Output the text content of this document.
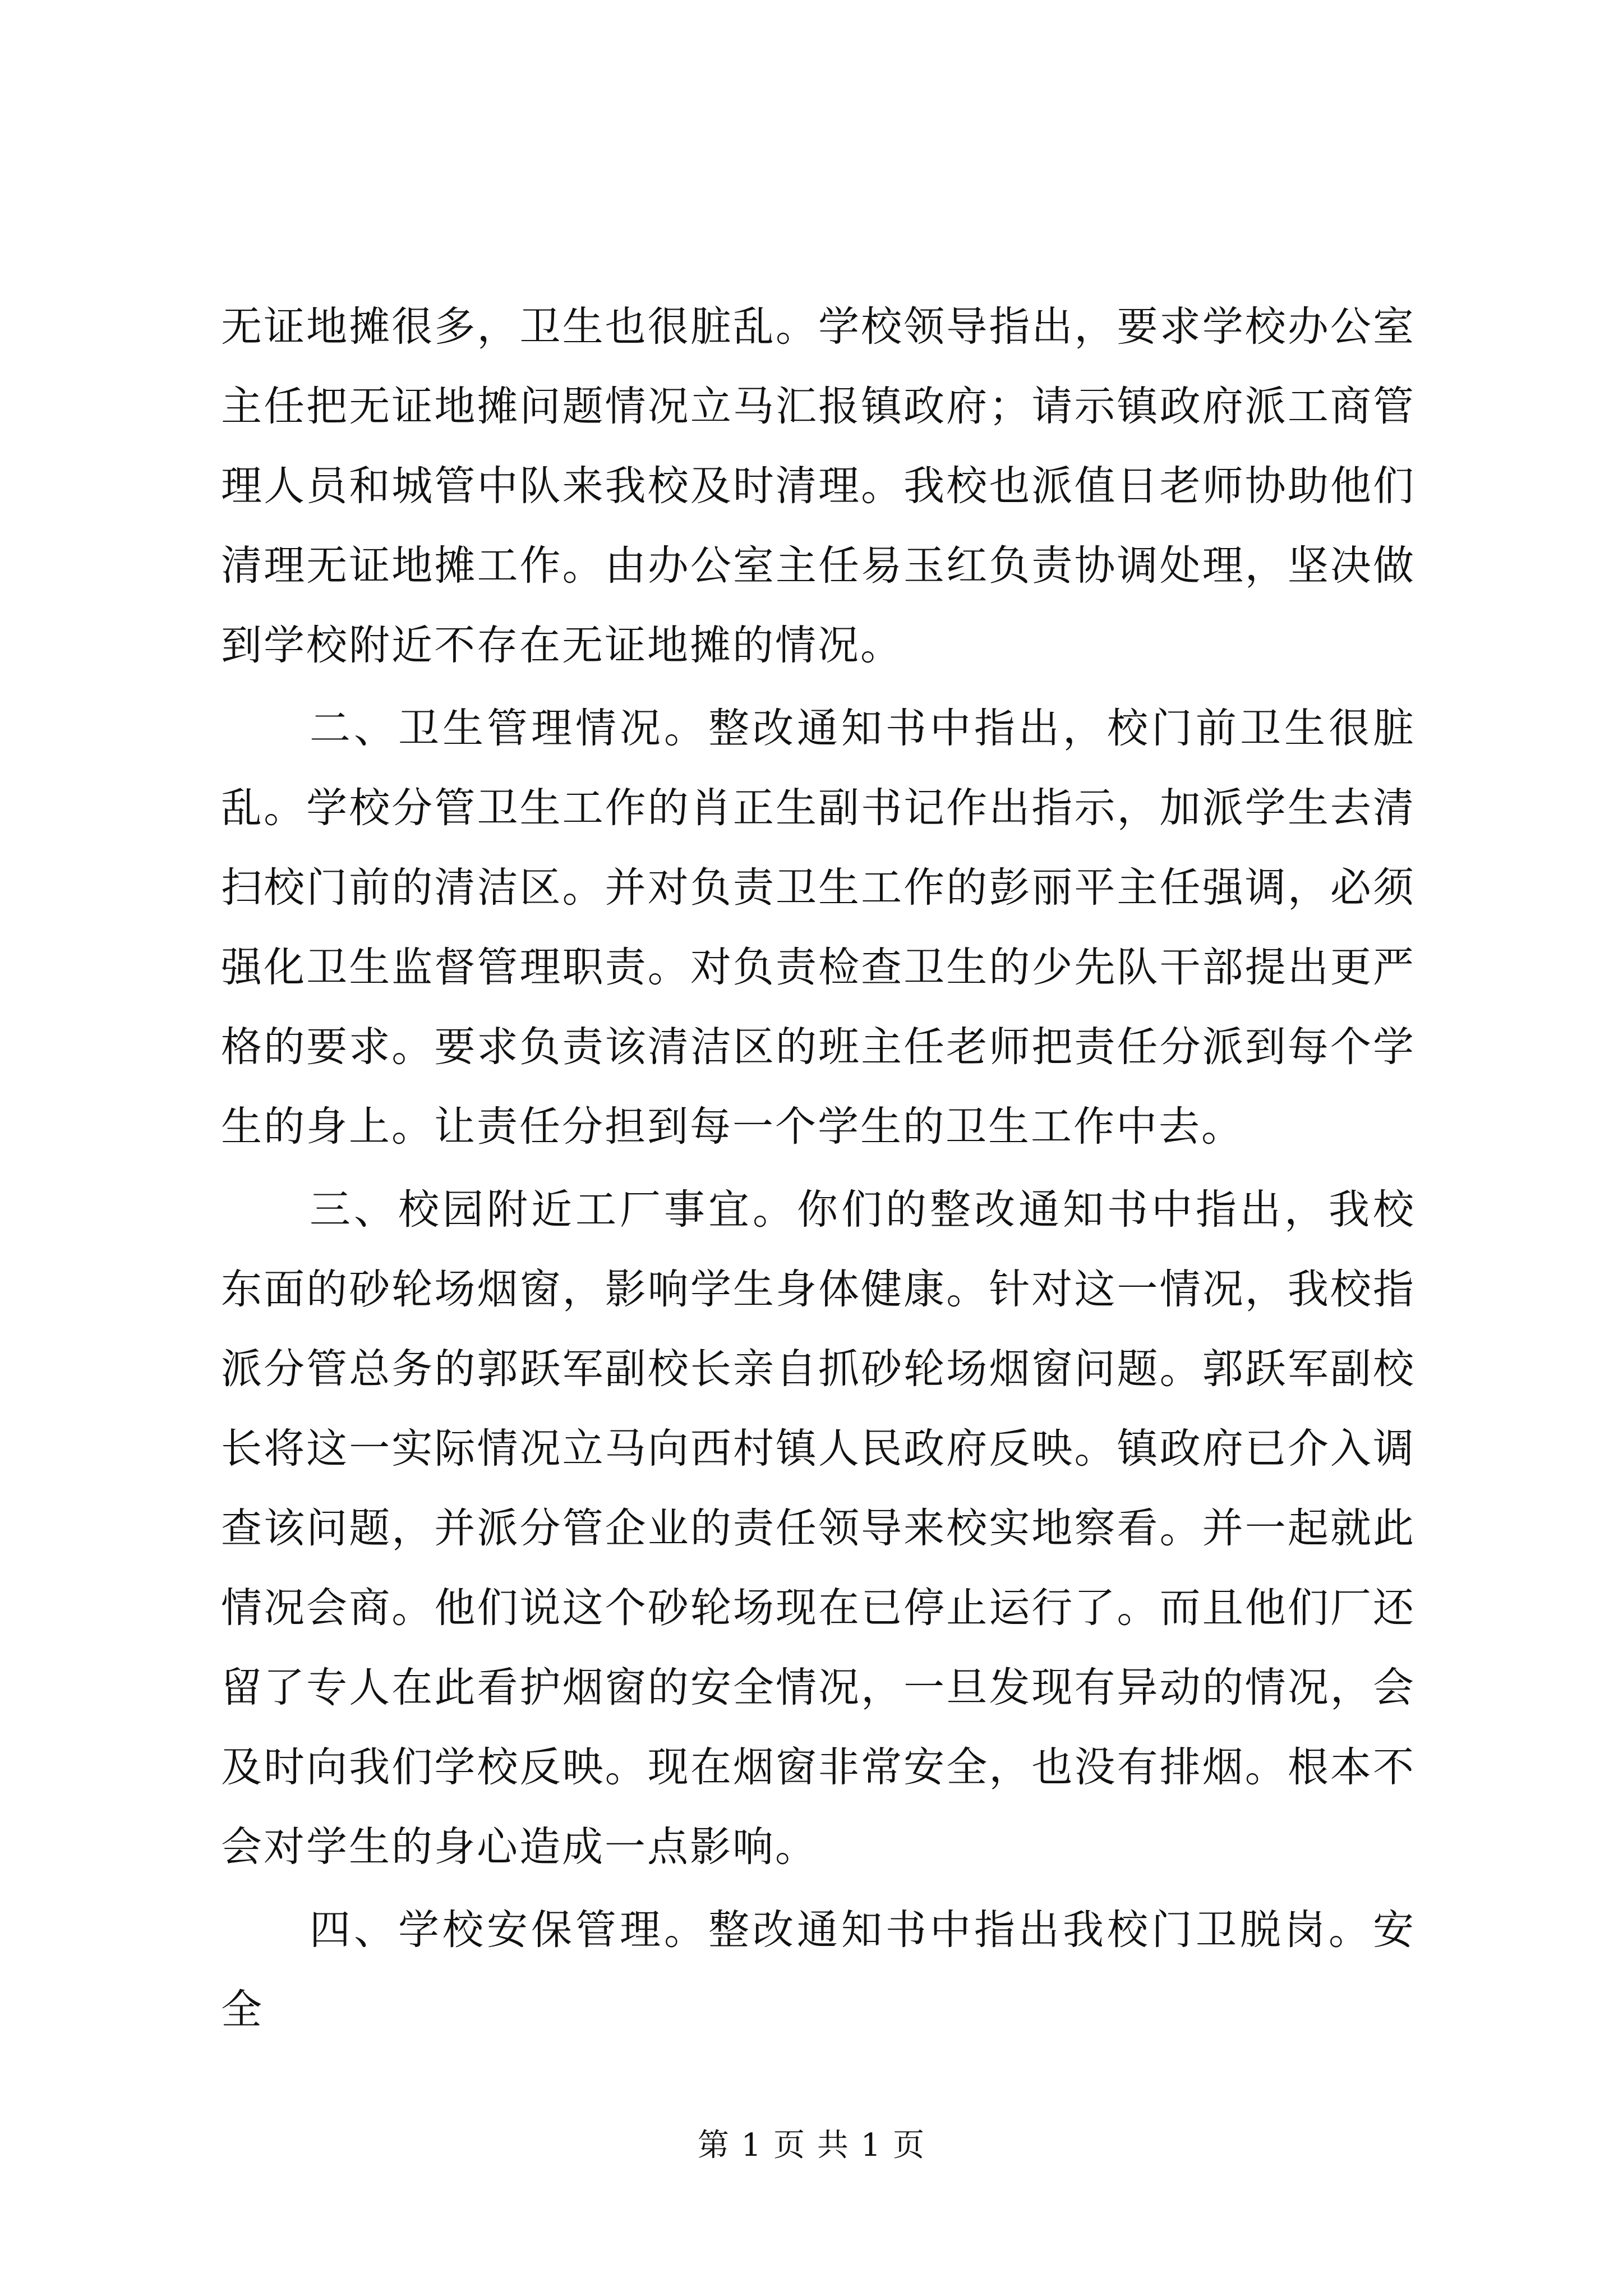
无证地摊很多，卫生也很脏乱。学校领导指出，要求学校办公室主任把无证地摊问题情况立马汇报镇政府；请示镇政府派工商管理人员和城管中队来我校及时清理。我校也派值日老师协助他们清理无证地摊工作。由办公室主任易玉红负责协调处理，坚决做到学校附近不存在无证地摊的情况。

二、卫生管理情况。整改通知书中指出，校门前卫生很脏乱。学校分管卫生工作的肖正生副书记作出指示，加派学生去清扫校门前的清洁区。并对负责卫生工作的彭丽平主任强调，必须强化卫生监督管理职责。对负责检查卫生的少先队干部提出更严格的要求。要求负责该清洁区的班主任老师把责任分派到每个学生的身上。让责任分担到每一个学生的卫生工作中去。

三、校园附近工厂事宜。你们的整改通知书中指出，我校东面的砂轮场烟窗，影响学生身体健康。针对这一情况，我校指派分管总务的郭跃军副校长亲自抓砂轮场烟窗问题。郭跃军副校长将这一实际情况立马向西村镇人民政府反映。镇政府已介入调查该问题，并派分管企业的责任领导来校实地察看。并一起就此情况会商。他们说这个砂轮场现在已停止运行了。而且他们厂还留了专人在此看护烟窗的安全情况，一旦发现有异动的情况，会及时向我们学校反映。现在烟窗非常安全，也没有排烟。根本不会对学生的身心造成一点影响。

四、学校安保管理。整改通知书中指出我校门卫脱岗。安全

第 1 页 共 1 页
